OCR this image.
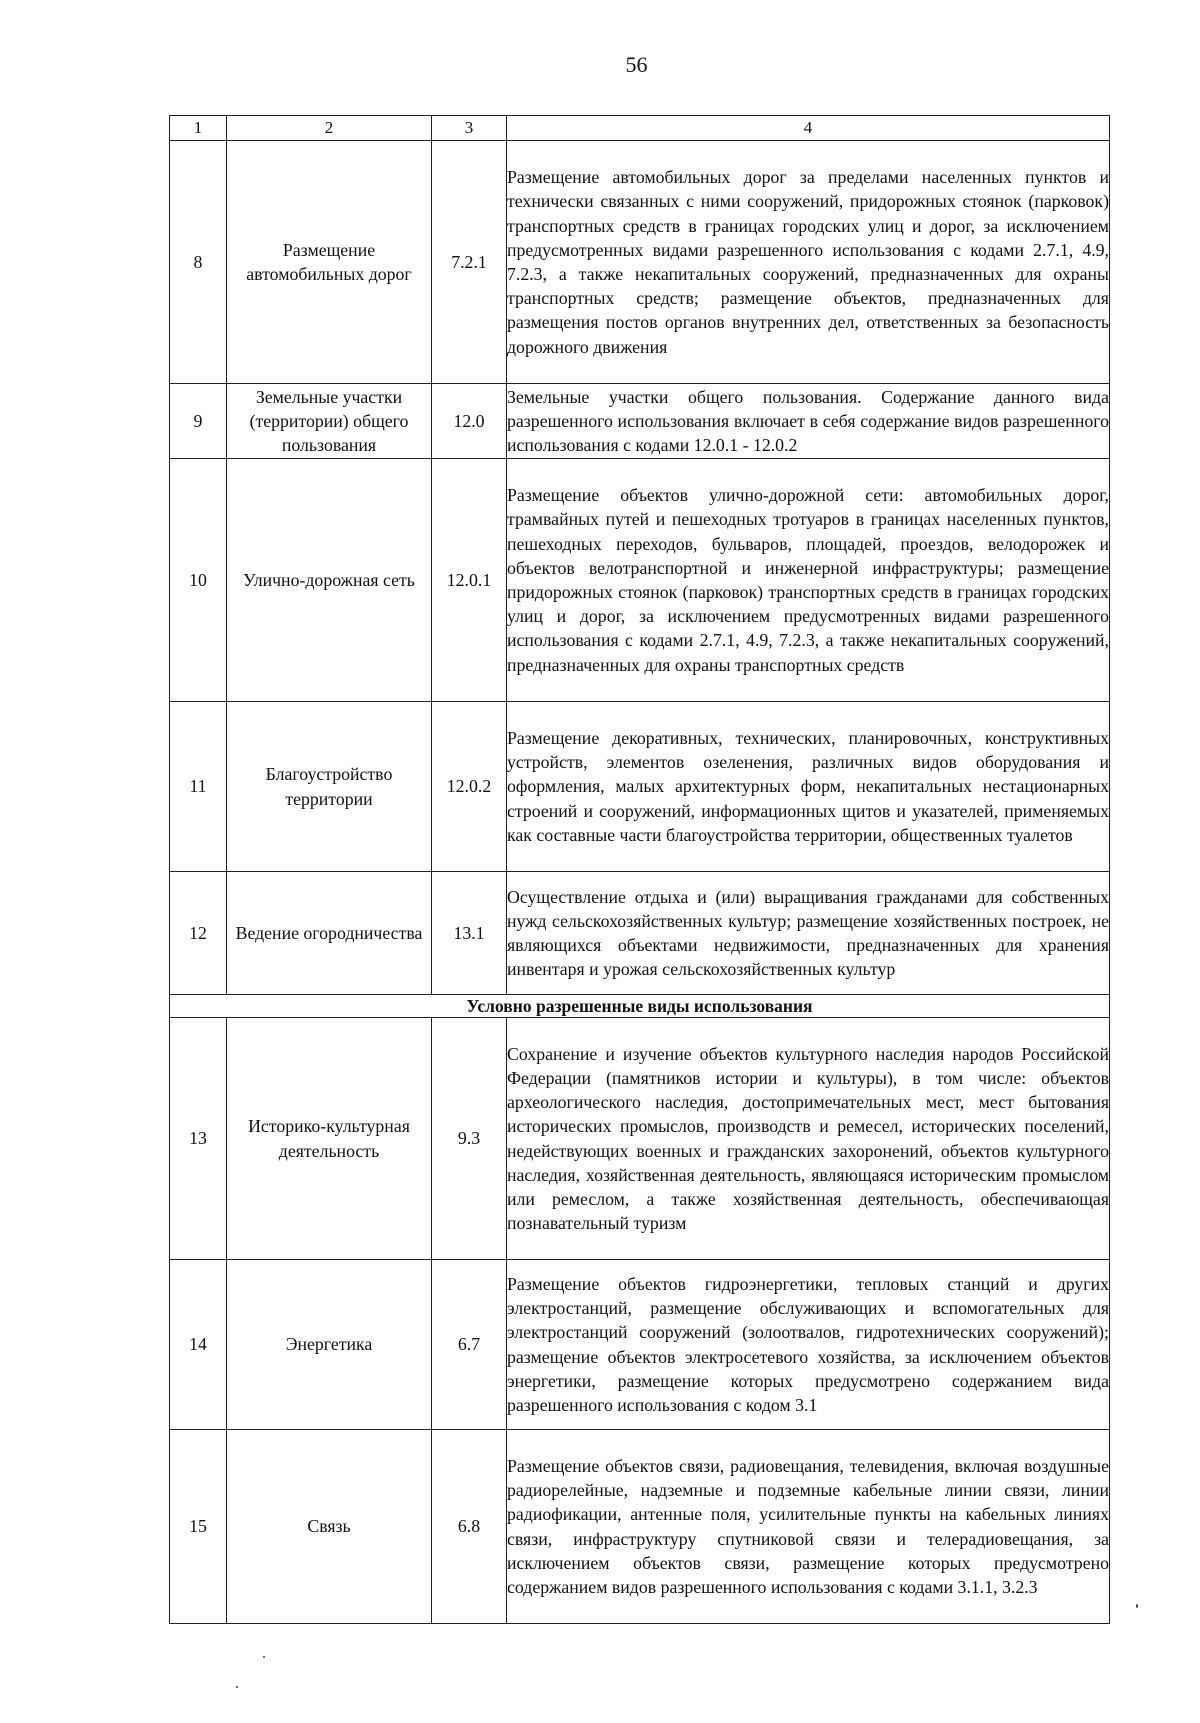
56
1	2	3	4
8	Размещение автомобильных дорог	7.2.1	Размещение автомобильных дорог за пределами населенных пунктов и технически связанных с ними сооружений, придорожных стоянок (парковок) транспортных средств в границах городских улиц и дорог, за исключением предусмотренных видами разрешенного использования с кодами 2.7.1, 4.9, 7.2.3, а также некапитальных сооружений, предназначенных для охраны транспортных средств; размещение объектов, предназначенных для размещения постов органов внутренних дел, ответственных за безопасность дорожного движения
9	Земельные участки (территории) общего пользования	12.0	Земельные участки общего пользования. Содержание данного вида разрешенного использования включает в себя содержание видов разрешенного использования с кодами 12.0.1 - 12.0.2
10	Улично-дорожная сеть	12.0.1	Размещение объектов улично-дорожной сети: автомобильных дорог, трамвайных путей и пешеходных тротуаров в границах населенных пунктов, пешеходных переходов, бульваров, площадей, проездов, велодорожек и объектов велотранспортной и инженерной инфраструктуры; размещение придорожных стоянок (парковок) транспортных средств в границах городских улиц и дорог, за исключением предусмотренных видами разрешенного использования с кодами 2.7.1, 4.9, 7.2.3, а также некапитальных сооружений, предназначенных для охраны транспортных средств
11	Благоустройство территории	12.0.2	Размещение декоративных, технических, планировочных, конструктивных устройств, элементов озеленения, различных видов оборудования и оформления, малых архитектурных форм, некапитальных нестационарных строений и сооружений, информационных щитов и указателей, применяемых как составные части благоустройства территории, общественных туалетов
12	Ведение огородничества	13.1	Осуществление отдыха и (или) выращивания гражданами для собственных нужд сельскохозяйственных культур; размещение хозяйственных построек, не являющихся объектами недвижимости, предназначенных для хранения инвентаря и урожая сельскохозяйственных культур
Условно разрешенные виды использования			
13	Историко-культурная деятельность	9.3	Сохранение и изучение объектов культурного наследия народов Российской Федерации (памятников истории и культуры), в том числе: объектов археологического наследия, достопримечательных мест, мест бытования исторических промыслов, производств и ремесел, исторических поселений, недействующих военных и гражданских захоронений, объектов культурного наследия, хозяйственная деятельность, являющаяся историческим промыслом или ремеслом, а также хозяйственная деятельность, обеспечивающая познавательный туризм
14	Энергетика	6.7	Размещение объектов гидроэнергетики, тепловых станций и других электростанций, размещение обслуживающих и вспомогательных для электростанций сооружений (золоотвалов, гидротехнических сооружений); размещение объектов электросетевого хозяйства, за исключением объектов энергетики, размещение которых предусмотрено содержанием вида разрешенного использования с кодом 3.1
15	Связь	6.8	Размещение объектов связи, радиовещания, телевидения, включая воздушные радиорелейные, надземные и подземные кабельные линии связи, линии радиофикации, антенные поля, усилительные пункты на кабельных линиях связи, инфраструктуру спутниковой связи и телерадиовещания, за исключением объектов связи, размещение которых предусмотрено содержанием видов разрешенного использования с кодами 3.1.1, 3.2.3
